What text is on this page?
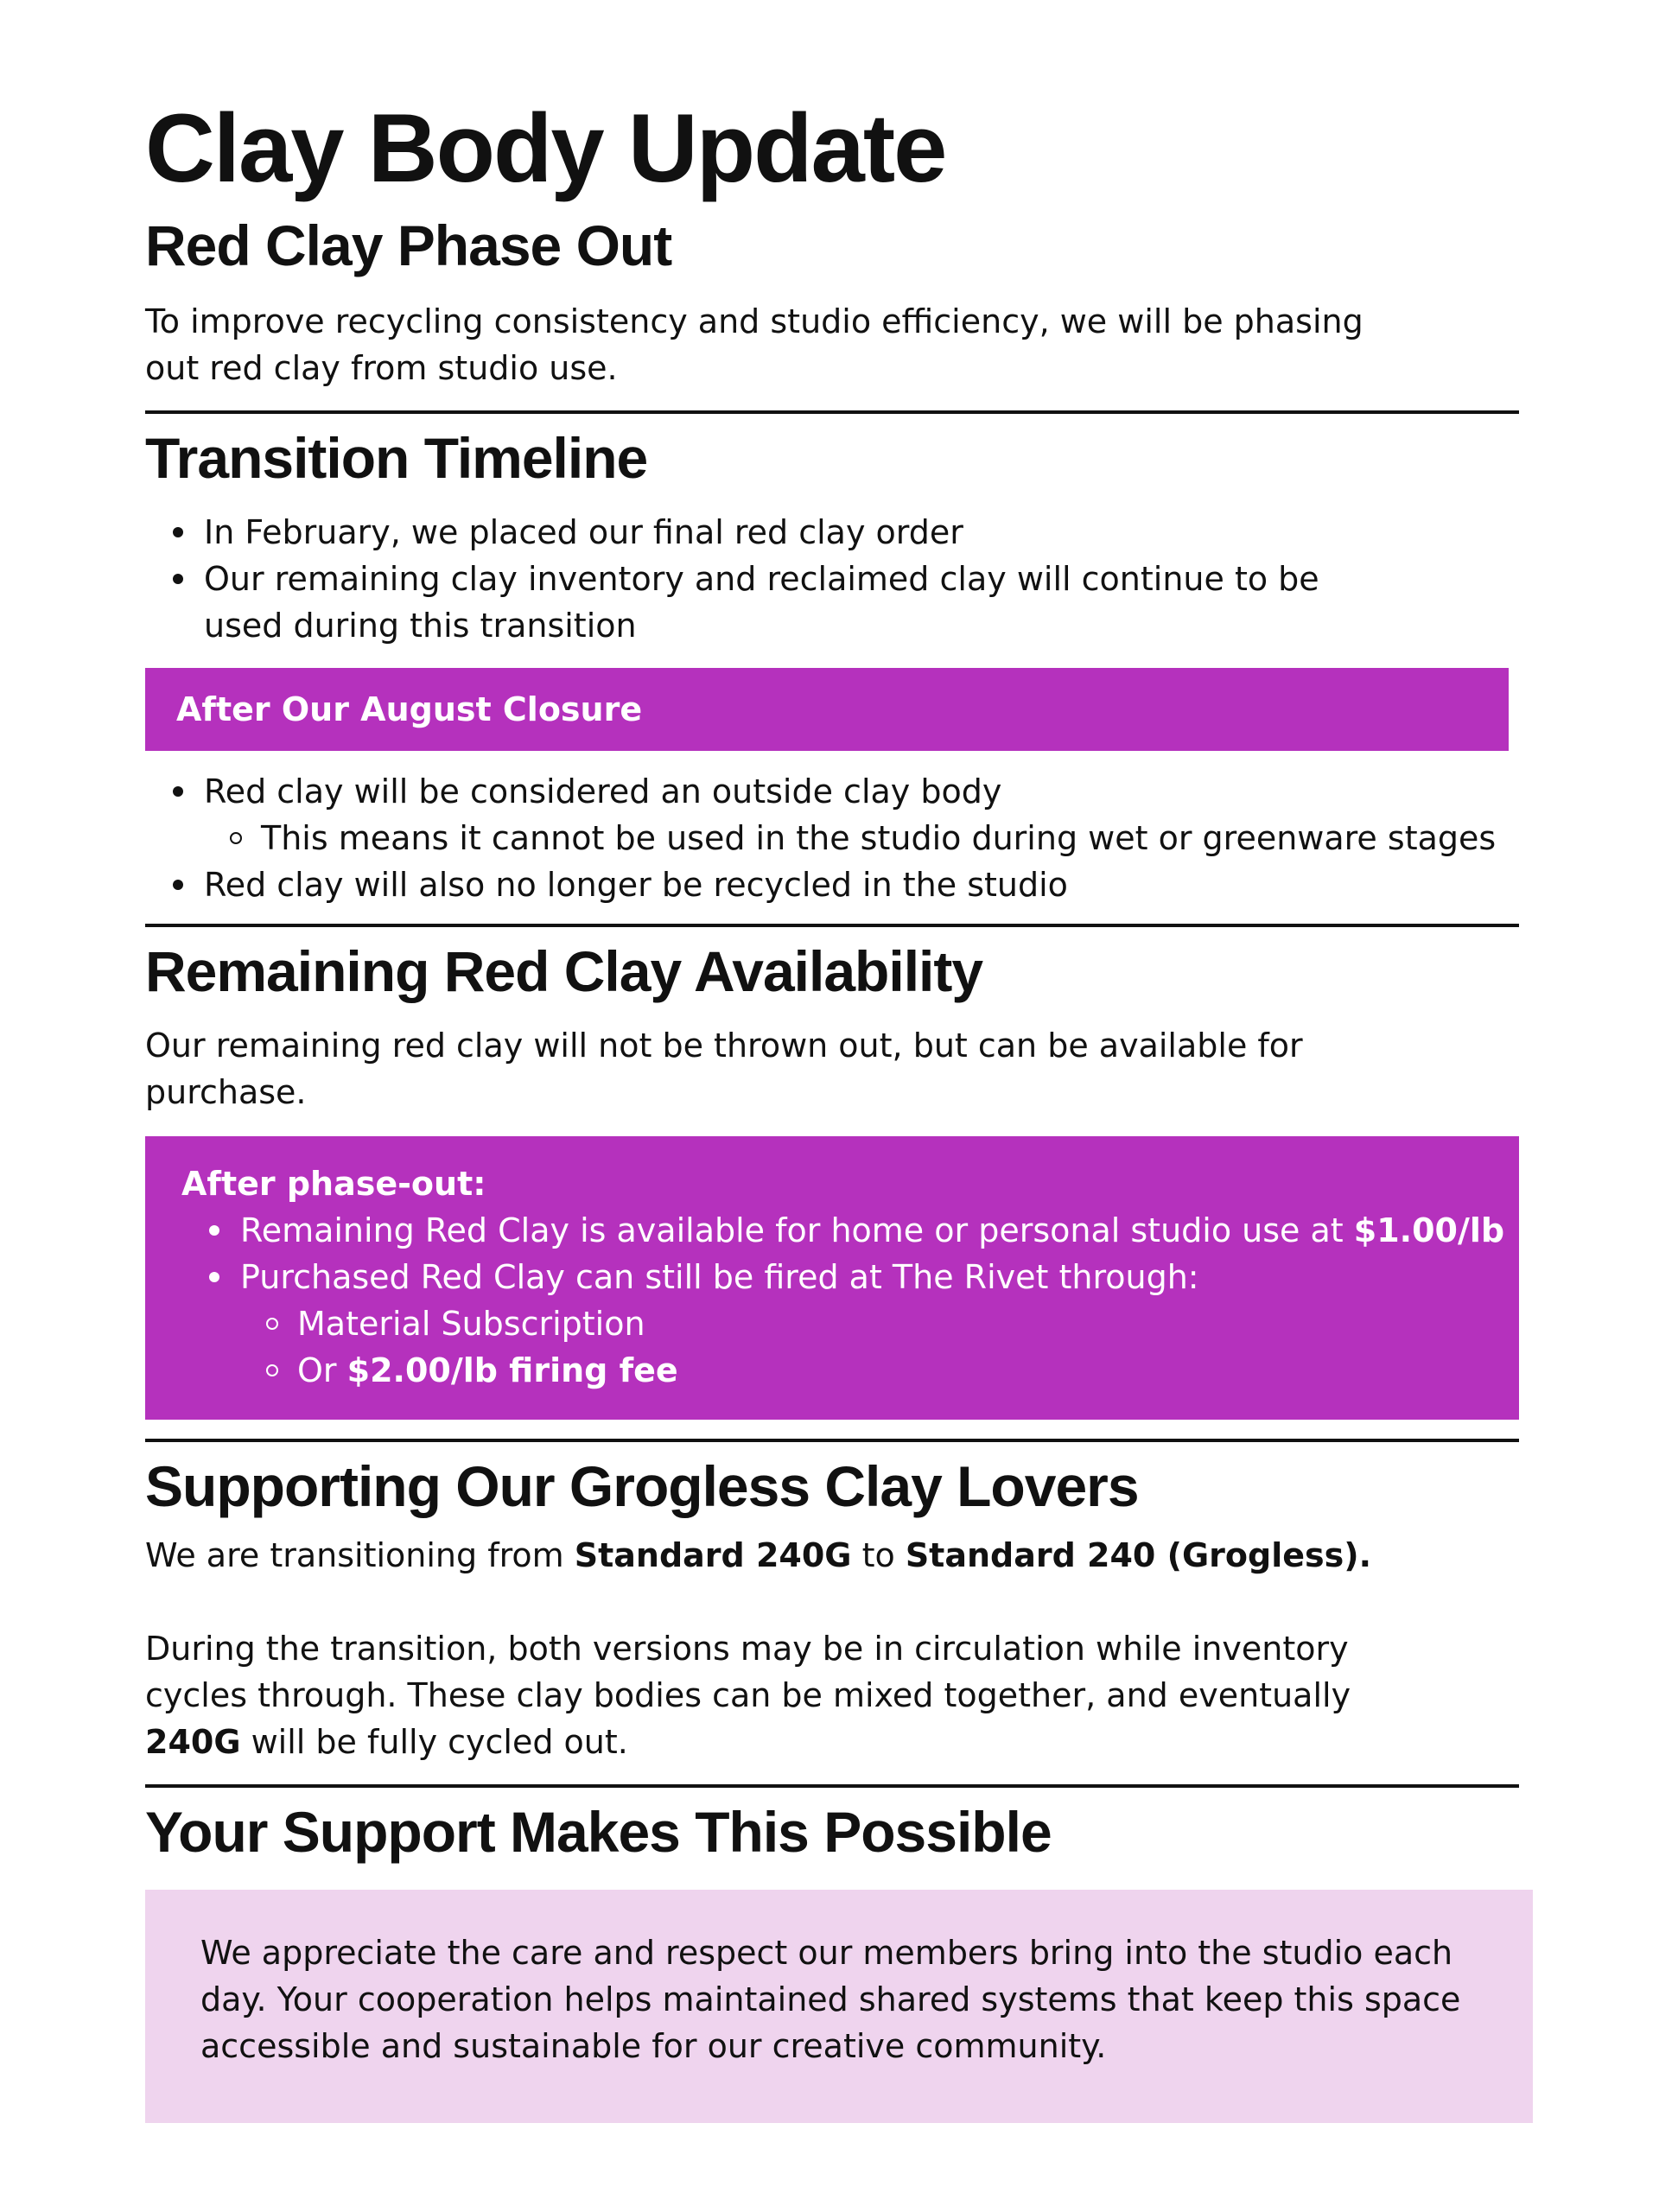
Clay Body Update
Red Clay Phase Out

To improve recycling consistency and studio efficiency, we will be phasing out red clay from studio use.

Transition Timeline
In February, we placed our final red clay order
Our remaining clay inventory and reclaimed clay will continue to be used during this transition
After Our August Closure
Red clay will be considered an outside clay body
This means it cannot be used in the studio during wet or greenware stages
Red clay will also no longer be recycled in the studio
Remaining Red Clay Availability

Our remaining red clay will not be thrown out, but can be available for purchase.

After phase-out:

Remaining Red Clay is available for home or personal studio use at $1.00/lb
Purchased Red Clay can still be fired at The Rivet through:
Material Subscription
Or $2.00/lb firing fee
Supporting Our Grogless Clay Lovers

We are transitioning from Standard 240G to Standard 240 (Grogless).

During the transition, both versions may be in circulation while inventory cycles through. These clay bodies can be mixed together, and eventually 240G will be fully cycled out.

Your Support Makes This Possible

We appreciate the care and respect our members bring into the studio each day. Your cooperation helps maintained shared systems that keep this space accessible and sustainable for our creative community.
